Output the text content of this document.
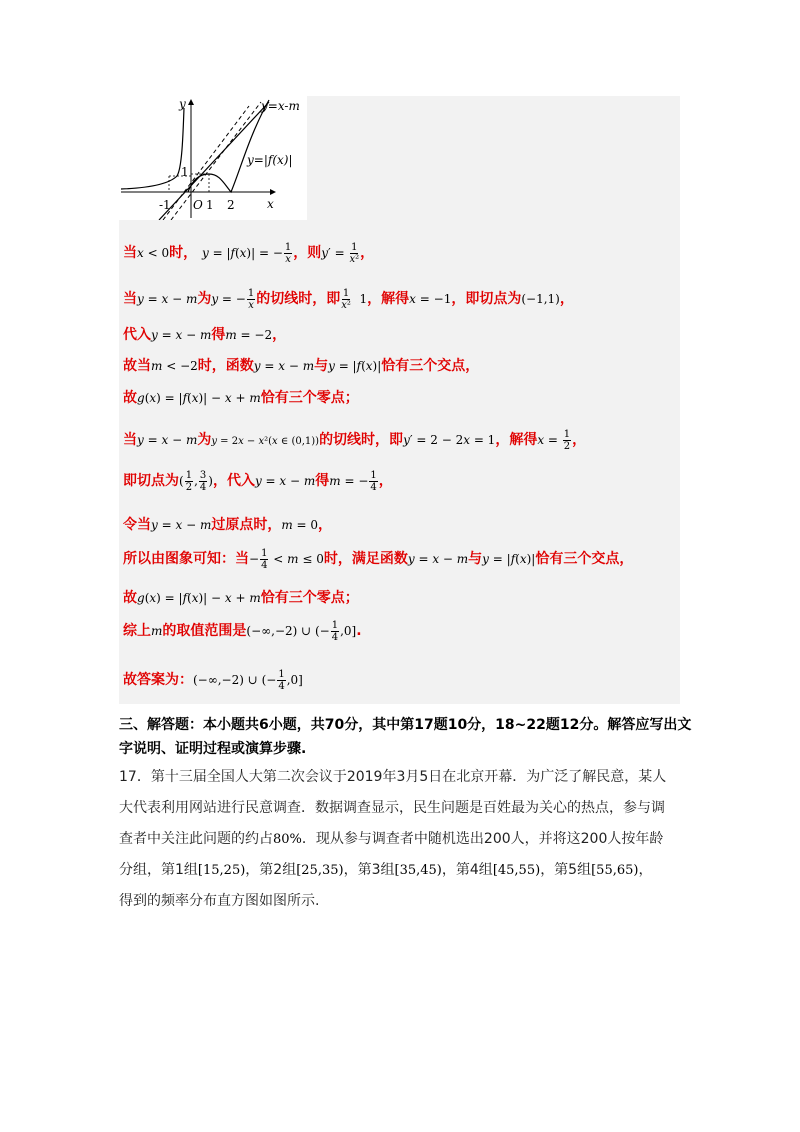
y
x
y=x-m
y=|f(x)|
-1 O 1 2
1
当x < 0时， y = |f(x)| = − $\frac{1}{x}$ ，则$y' = \frac{1}{\text{x²}}$ ，
当y = x − m为y = − $\frac{1}{x}$ 的切线时，即 $\frac{1}{\text{x²}} 1$，解得x = −1，即切点为(−1,1)，
代入y = x − m得m = −2，
故当m < −2时，函数y = x − m与y = |f(x)|恰有三个交点，
故g(x) = |f(x)| − x + m恰有三个零点；
当y = x − m为y = 2x − x²(x ∈ (0,1))的切线时，即y′ = 2 − 2x = 1，解得$x = \frac{1}{2}$ ，
即切点为( $\frac{1}{2}$ , $\frac{3}{4}$ )，代入y = x − m得m = − $\frac{1}{4}$ ，
令当y = x − m过原点时，m = 0，
所以由图象可知：当− $\frac{1}{4} < m \le 0$时，满足函数y = x − m与y = |f(x)|恰有三个交点，
故g(x) = |f(x)| − x + m恰有三个零点；
综上m的取值范围是(−∞,−2) ∪ (− $\frac{1}{4} ,0$].
故答案为：(−∞,−2) ∪ (− $\frac{1}{4} ,0$]
三、解答题：本小题共6小题，共70分，其中第17题10分，18~22题12分。解答应写出文字说明、证明过程或演算步骤.
17．第十三届全国人大第二次会议于2019年3月5日在北京开幕．为广泛了解民意，某人
大代表利用网站进行民意调查．数据调查显示，民生问题是百姓最为关心的热点，参与调
查者中关注此问题的约占80%．现从参与调查者中随机选出200人，并将这200人按年龄
分组，第1组[15,25)，第2组[25,35)，第3组[35,45)，第4组[45,55)，第5组[55,65)，
得到的频率分布直方图如图所示.
